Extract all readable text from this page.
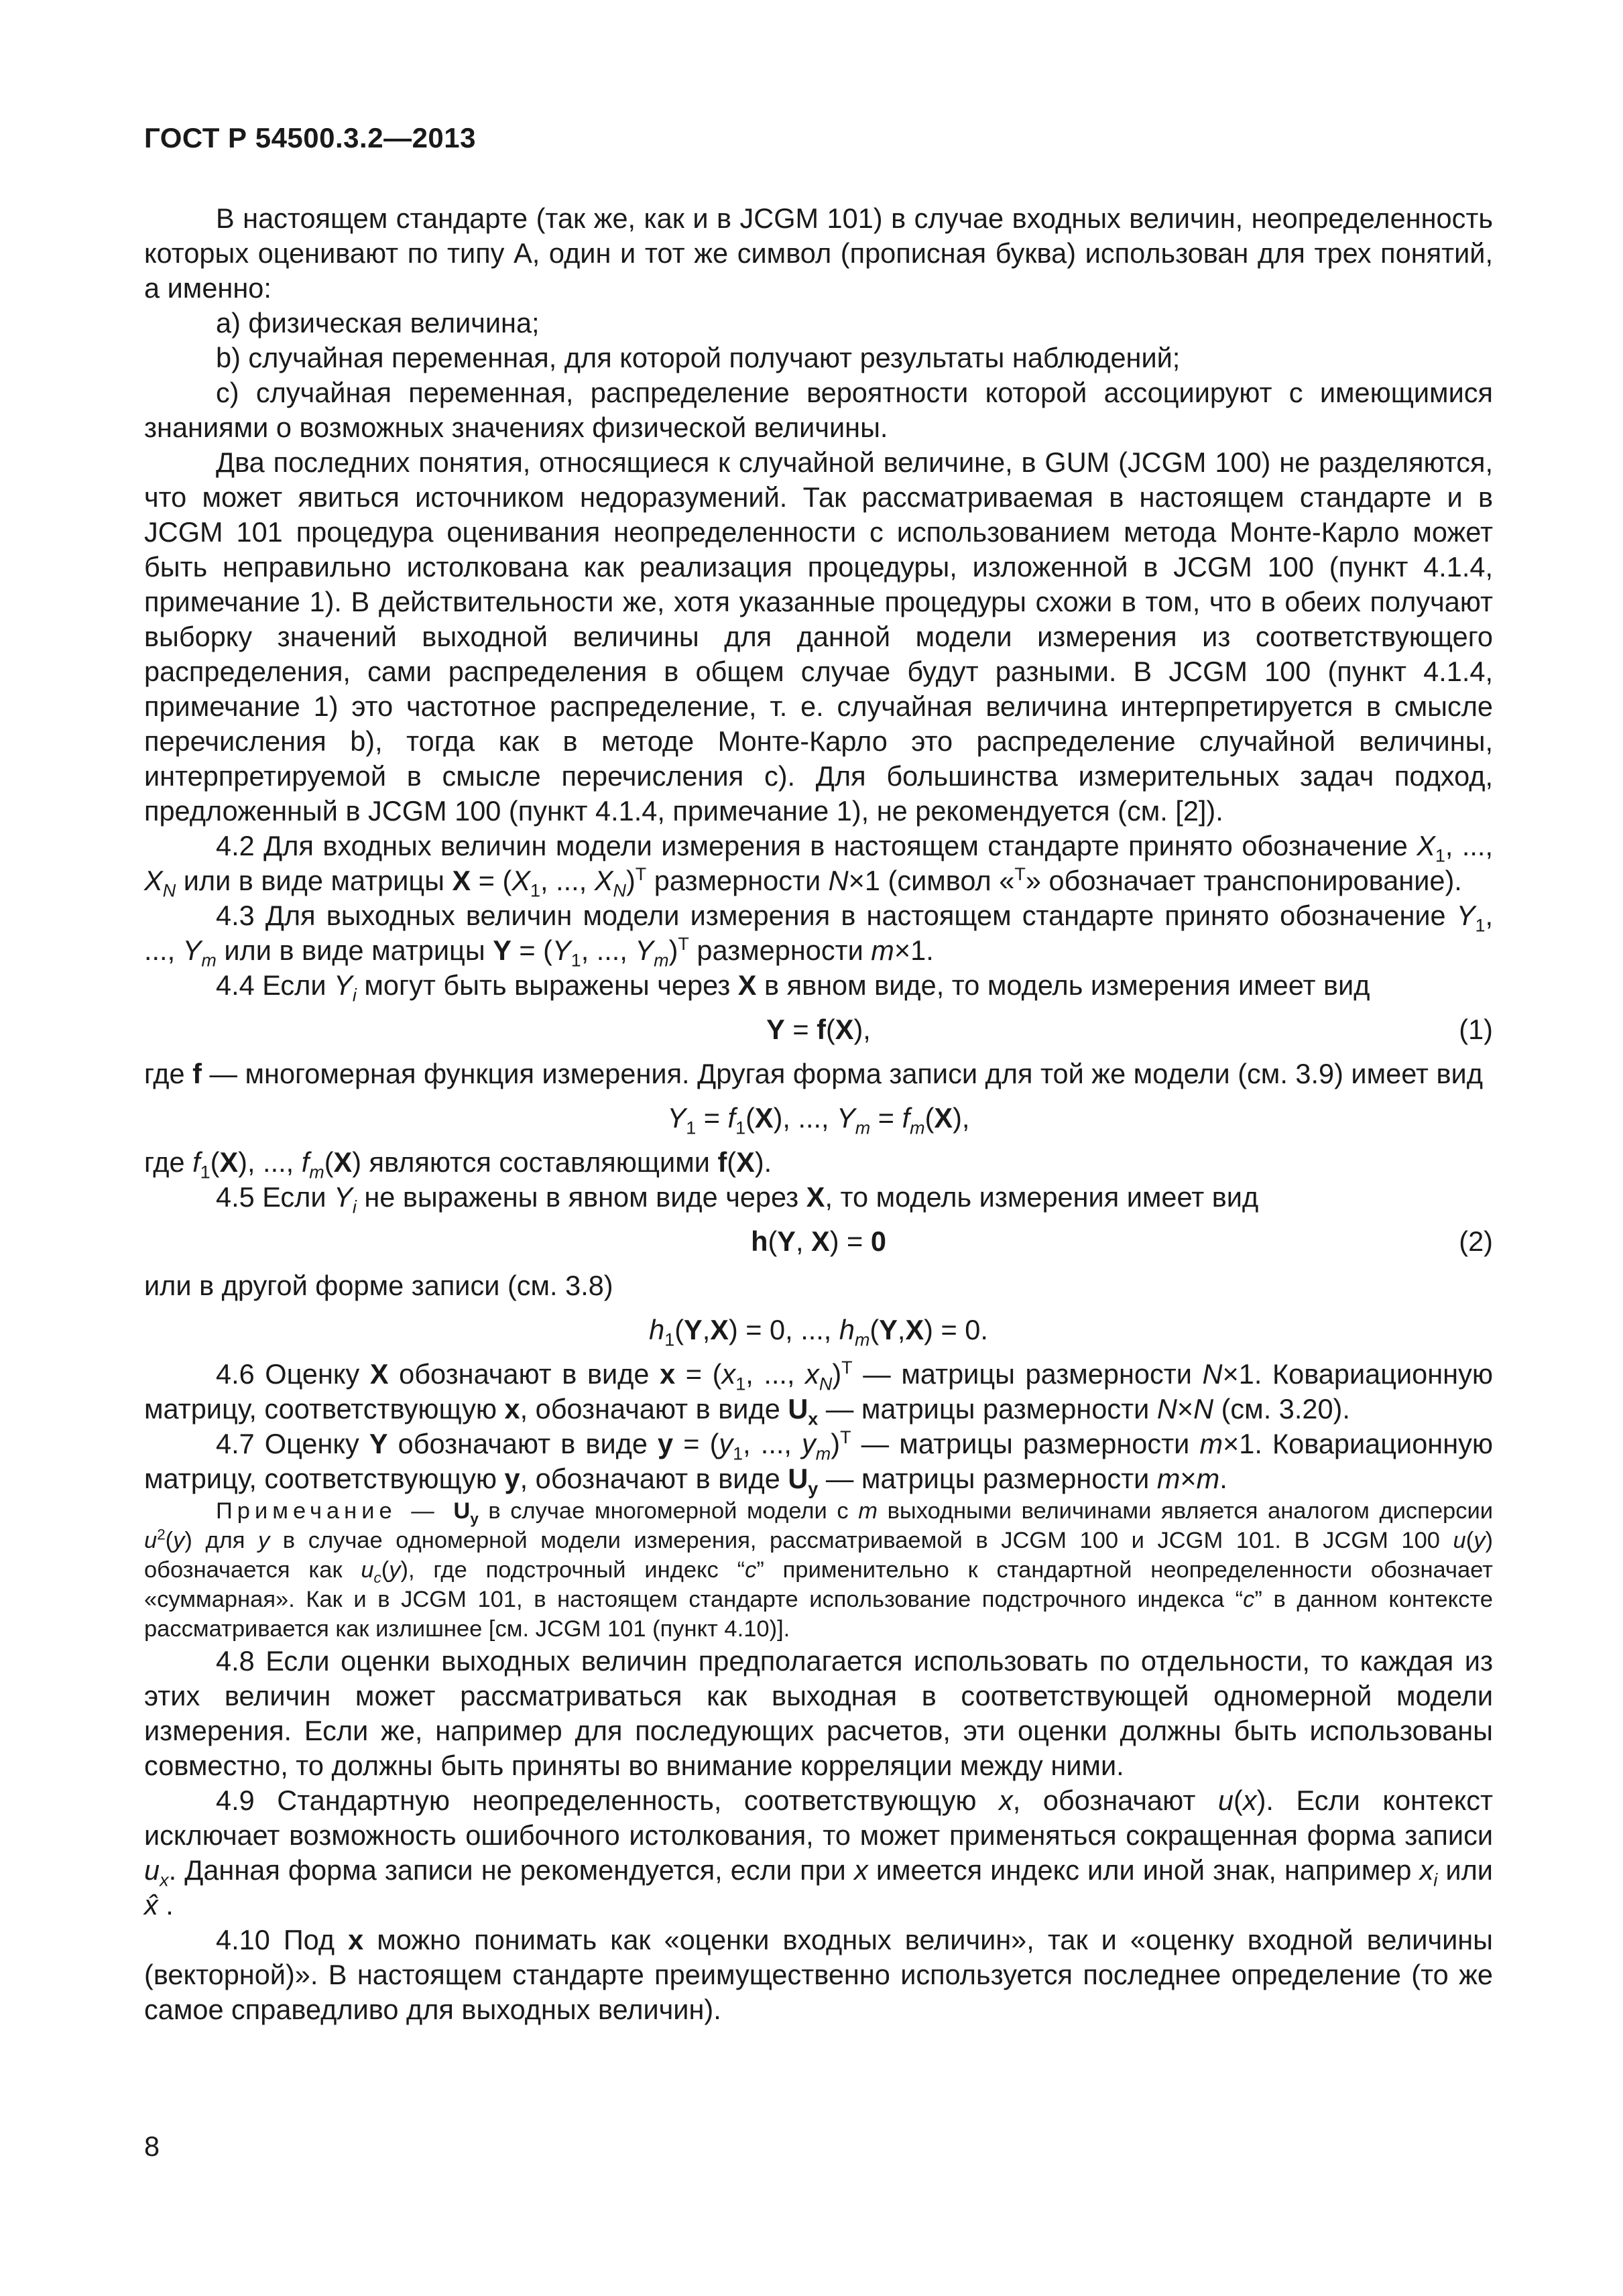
ГОСТ Р 54500.3.2—2013

В настоящем стандарте (так же, как и в JCGM 101) в случае входных величин, неопределенность которых оценивают по типу А, один и тот же символ (прописная буква) использован для трех понятий, а именно:

а) физическая величина;

b) случайная переменная, для которой получают результаты наблюдений;

с) случайная переменная, распределение вероятности которой ассоциируют с имеющимися знаниями о возможных значениях физической величины.

Два последних понятия, относящиеся к случайной величине, в GUM (JCGM 100) не разделяются, что может явиться источником недоразумений. Так рассматриваемая в настоящем стандарте и в JCGM 101 процедура оценивания неопределенности с использованием метода Монте-Карло может быть неправильно истолкована как реализация процедуры, изложенной в JCGM 100 (пункт 4.1.4, примечание 1). В действительности же, хотя указанные процедуры схожи в том, что в обеих получают выборку значений выходной величины для данной модели измерения из соответствующего распределения, сами распределения в общем случае будут разными. В JCGM 100 (пункт 4.1.4, примечание 1) это частотное распределение, т. е. случайная величина интерпретируется в смысле перечисления b), тогда как в методе Монте-Карло это распределение случайной величины, интерпретируемой в смысле перечисления с). Для большинства измерительных задач подход, предложенный в JCGM 100 (пункт 4.1.4, примечание 1), не рекомендуется (см. [2]).

4.2 Для входных величин модели измерения в настоящем стандарте принято обозначение $X_1$, ..., $X_N$ или в виде матрицы $X = (X_1$, ..., $X_N)^T$ размерности N×1 (символ «$^T$» обозначает транспонирование).

4.3 Для выходных величин модели измерения в настоящем стандарте принято обозначение $Y_1$, ..., $Y_m$ или в виде матрицы $Y = (Y_1$, ..., $Y_m)^T$ размерности m×1.

4.4 Если $Y_i$ могут быть выражены через X в явном виде, то модель измерения имеет вид

Y = f(X),	(1)

где f — многомерная функция измерения. Другая форма записи для той же модели (см. 3.9) имеет вид

$Y_1 = f_1(X)$, ..., $Y_m = f_m(X)$,

где $f_1(X)$, ..., $f_m(X)$ являются составляющими f(X).

4.5 Если $Y_i$ не выражены в явном виде через X, то модель измерения имеет вид

h(Y, X) = 0	(2)

или в другой форме записи (см. 3.8)

$h_1(Y,X) = 0$, ..., $h_m(Y,X) = 0$.

4.6 Оценку X обозначают в виде $x = (x_1$, ..., $x_N)^T$ — матрицы размерности N×1. Ковариационную матрицу, соответствующую x, обозначают в виде $U_x$ — матрицы размерности N×N (см. 3.20).

4.7 Оценку Y обозначают в виде $y = (y_1$, ..., $y_m)^T$ — матрицы размерности m×1. Ковариационную матрицу, соответствующую y, обозначают в виде $U_y$ — матрицы размерности m×m.

Примечание — $U_y$ в случае многомерной модели с m выходными величинами является аналогом дисперсии $u^2(y)$ для y в случае одномерной модели измерения, рассматриваемой в JCGM 100 и JCGM 101. В JCGM 100 u(y) обозначается как $u_c(y)$, где подстрочный индекс “c” применительно к стандартной неопределенности обозначает «суммарная». Как и в JCGM 101, в настоящем стандарте использование подстрочного индекса “c” в данном контексте рассматривается как излишнее [см. JCGM 101 (пункт 4.10)].

4.8 Если оценки выходных величин предполагается использовать по отдельности, то каждая из этих величин может рассматриваться как выходная в соответствующей одномерной модели измерения. Если же, например для последующих расчетов, эти оценки должны быть использованы совместно, то должны быть приняты во внимание корреляции между ними.

4.9 Стандартную неопределенность, соответствующую x, обозначают u(x). Если контекст исключает возможность ошибочного истолкования, то может применяться сокращенная форма записи $u_x$. Данная форма записи не рекомендуется, если при x имеется индекс или иной знак, например $x_i$ или x̂ .

4.10 Под x можно понимать как «оценки входных величин», так и «оценку входной величины (векторной)». В настоящем стандарте преимущественно используется последнее определение (то же самое справедливо для выходных величин).

8
